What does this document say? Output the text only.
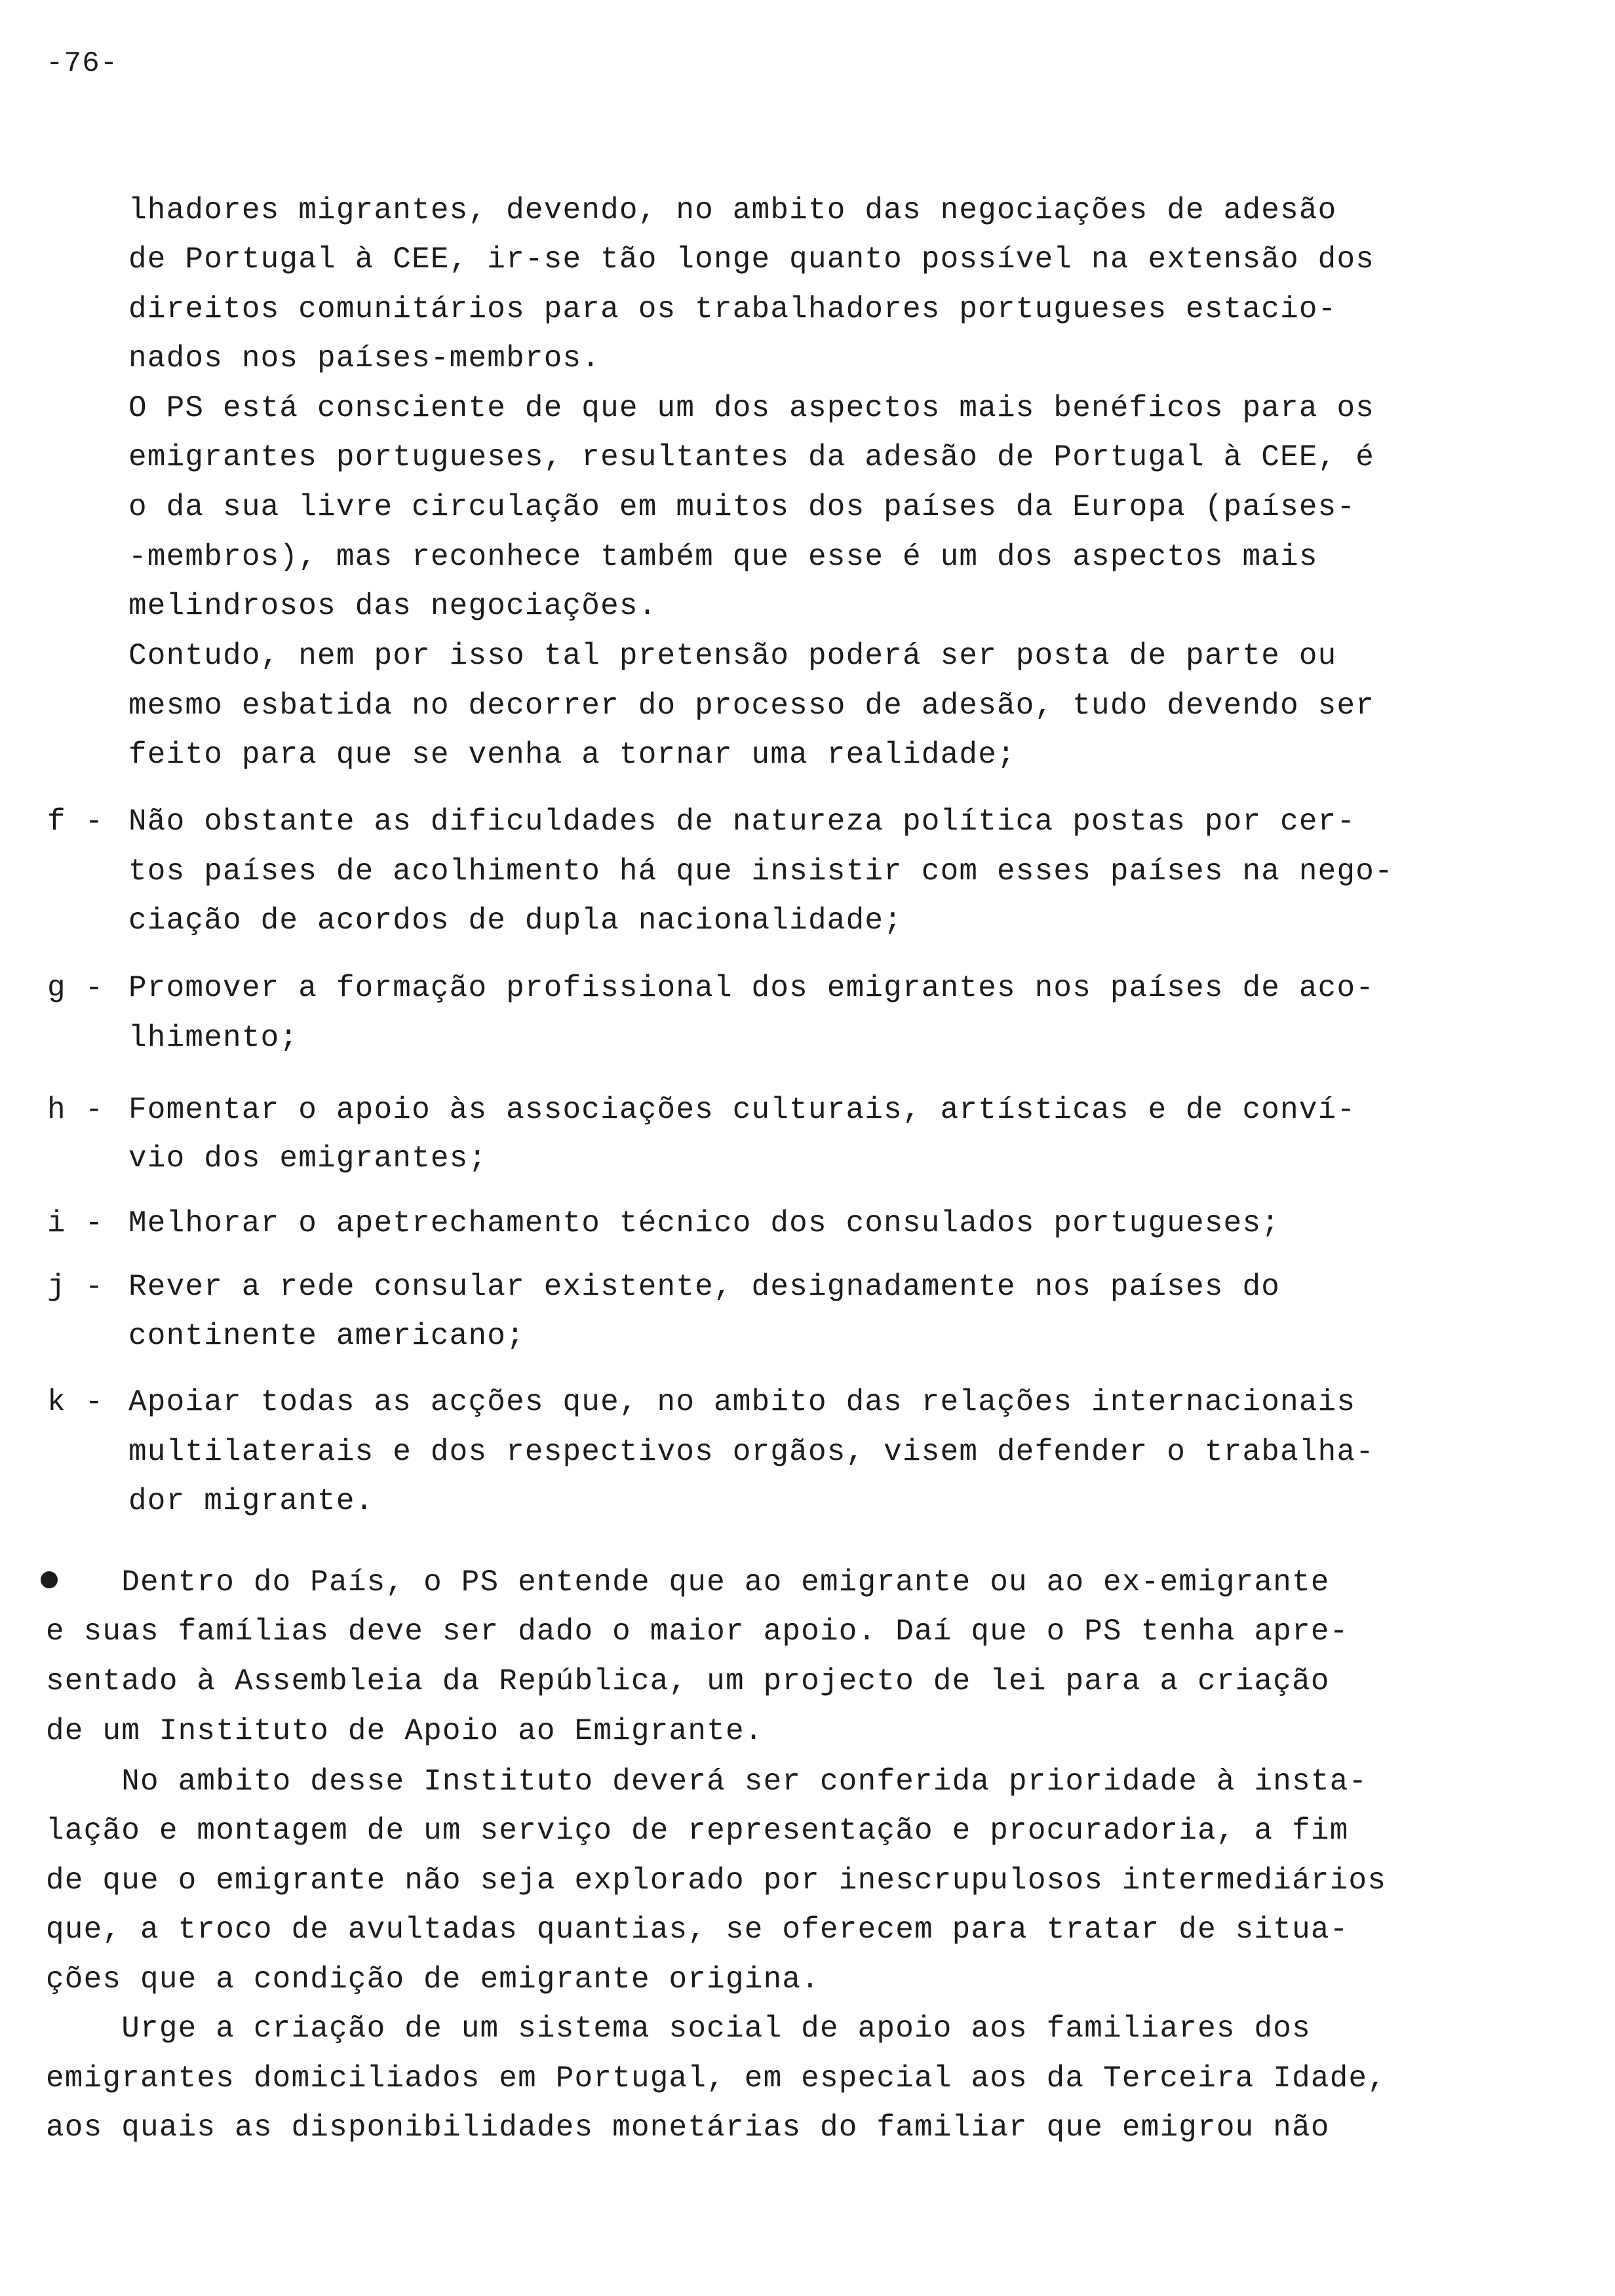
-76-
lhadores migrantes, devendo, no ambito das negociações de adesão
de Portugal à CEE, ir-se tão longe quanto possível na extensão dos
direitos comunitários para os trabalhadores portugueses estacio-
nados nos países-membros.
O PS está consciente de que um dos aspectos mais benéficos para os
emigrantes portugueses, resultantes da adesão de Portugal à CEE, é
o da sua livre circulação em muitos dos países da Europa (países-
-membros), mas reconhece também que esse é um dos aspectos mais
melindrosos das negociações.
Contudo, nem por isso tal pretensão poderá ser posta de parte ou
mesmo esbatida no decorrer do processo de adesão, tudo devendo ser
feito para que se venha a tornar uma realidade;
f - Não obstante as dificuldades de natureza política postas por cer-
tos países de acolhimento há que insistir com esses países na nego-
ciação de acordos de dupla nacionalidade;
g - Promover a formação profissional dos emigrantes nos países de aco-
lhimento;
h - Fomentar o apoio às associações culturais, artísticas e de conví-
vio dos emigrantes;
i - Melhorar o apetrechamento técnico dos consulados portugueses;
j - Rever a rede consular existente, designadamente nos países do
continente americano;
k - Apoiar todas as acções que, no ambito das relações internacionais
multilaterais e dos respectivos orgãos, visem defender o trabalha-
dor migrante.
Dentro do País, o PS entende que ao emigrante ou ao ex-emigrante
e suas famílias deve ser dado o maior apoio. Daí que o PS tenha apre-
sentado à Assembleia da República, um projecto de lei para a criação
de um Instituto de Apoio ao Emigrante.
No ambito desse Instituto deverá ser conferida prioridade à insta-
lação e montagem de um serviço de representação e procuradoria, a fim
de que o emigrante não seja explorado por inescrupulosos intermediários
que, a troco de avultadas quantias, se oferecem para tratar de situa-
ções que a condição de emigrante origina.
Urge a criação de um sistema social de apoio aos familiares dos
emigrantes domiciliados em Portugal, em especial aos da Terceira Idade,
aos quais as disponibilidades monetárias do familiar que emigrou não
